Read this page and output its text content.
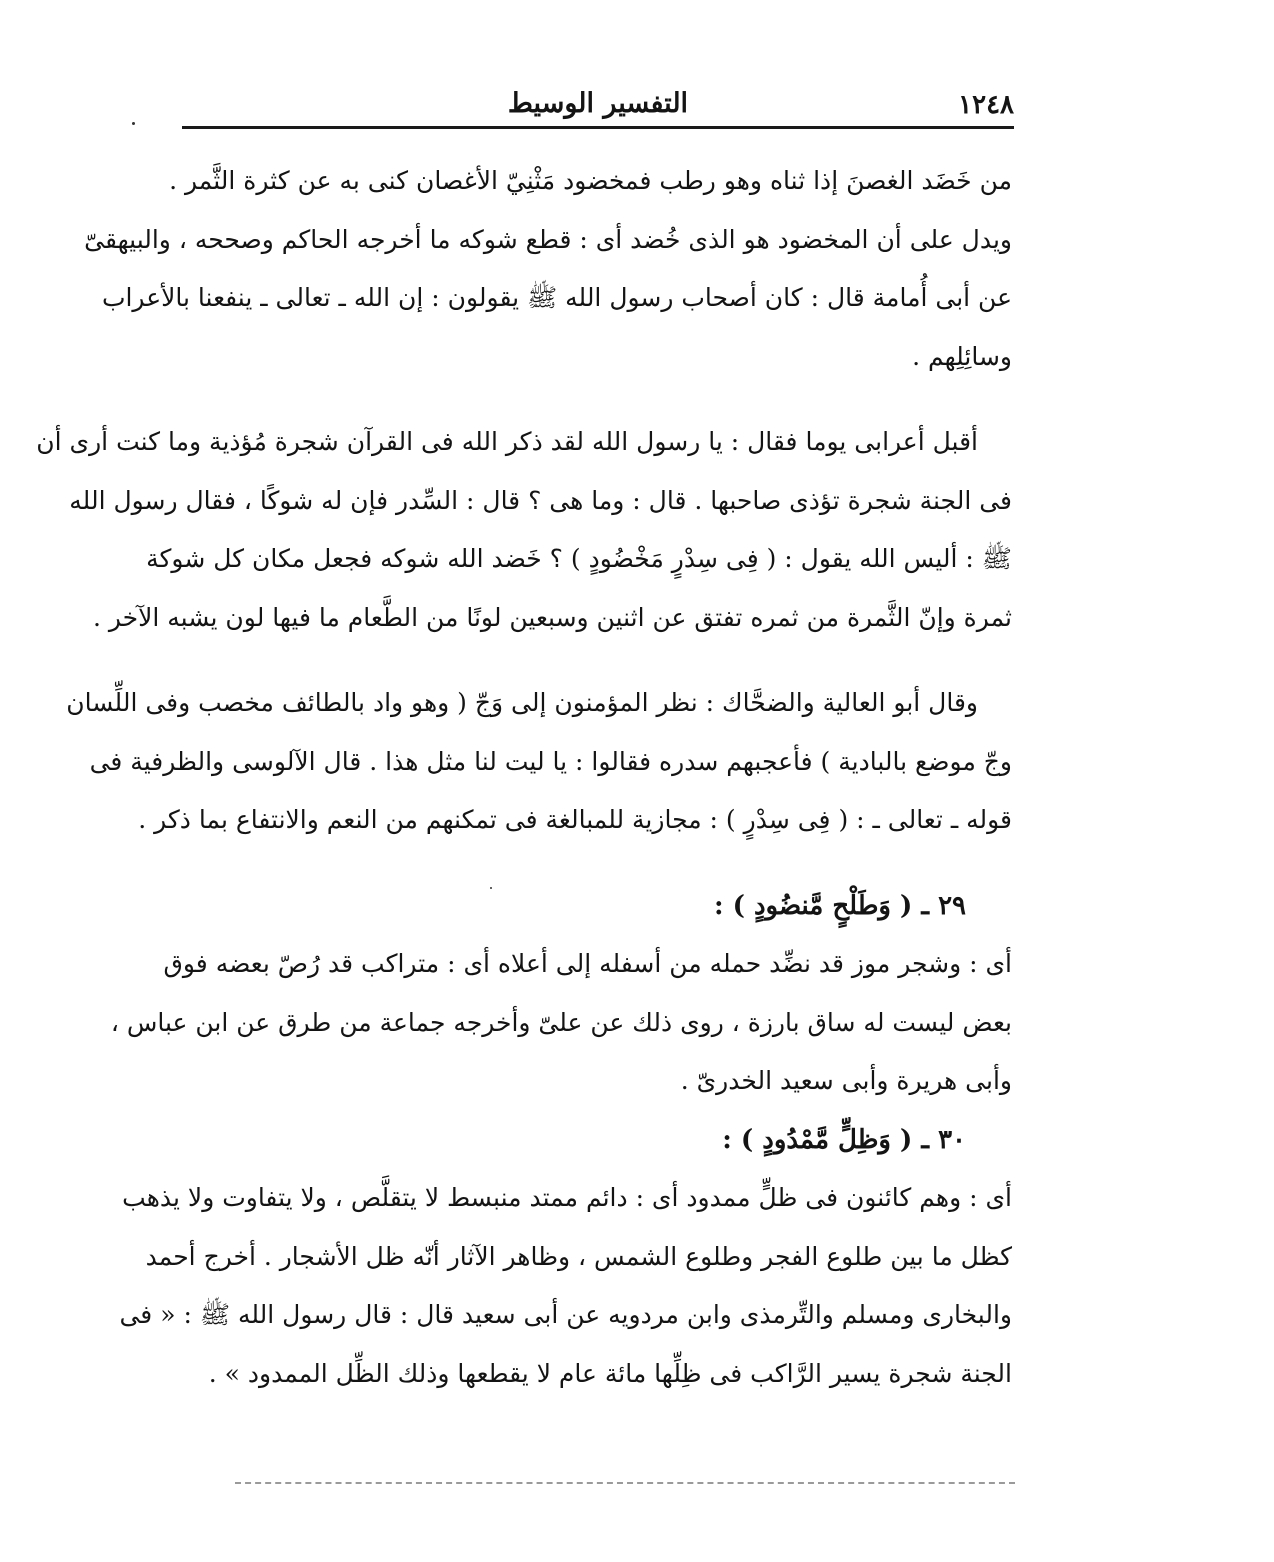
١٢٤٨
التفسير الوسيط
من خَضَد الغصنَ إذا ثناه وهو رطب فمخضود مَثْنِيّ الأغصان كنى به عن كثرة الثَّمر .
ويدل على أن المخضود هو الذى خُضد أى : قطع شوكه ما أخرجه الحاكم وصححه ، والبيهقىّ
عن أبى أُمامة قال : كان أصحاب رسول الله ﷺ يقولون : إن الله ـ تعالى ـ ينفعنا بالأعراب
وسائِلِهم .
أقبل أعرابى يوما فقال : يا رسول الله لقد ذكر الله فى القرآن شجرة مُؤذية وما كنت أرى أن
فى الجنة شجرة تؤذى صاحبها . قال : وما هى ؟ قال : السِّدر فإن له شوكًا ، فقال رسول الله
ﷺ : أليس الله يقول : ( فِى سِدْرٍ مَخْضُودٍ ) ؟ خَضد الله شوكه فجعل مكان كل شوكة
ثمرة وإنّ الثَّمرة من ثمره تفتق عن اثنين وسبعين لونًا من الطَّعام ما فيها لون يشبه الآخر .
وقال أبو العالية والضحَّاك : نظر المؤمنون إلى وَجّ ( وهو واد بالطائف مخصب وفى اللِّسان
وجّ موضع بالبادية ) فأعجبهم سدره فقالوا : يا ليت لنا مثل هذا . قال الآلوسى والظرفية فى
قوله ـ تعالى ـ : ( فِى سِدْرٍ ) : مجازية للمبالغة فى تمكنهم من النعم والانتفاع بما ذكر .
٢٩ ـ ( وَطَلْحٍ مَّنضُودٍ ) :
أى : وشجر موز قد نضِّد حمله من أسفله إلى أعلاه أى : متراكب قد رُصّ بعضه فوق
بعض ليست له ساق بارزة ، روى ذلك عن علىّ وأخرجه جماعة من طرق عن ابن عباس ،
وأبى هريرة وأبى سعيد الخدرىّ .
٣٠ ـ ( وَظِلٍّ مَّمْدُودٍ ) :
أى : وهم كائنون فى ظلٍّ ممدود أى : دائم ممتد منبسط لا يتقلَّص ، ولا يتفاوت ولا يذهب
كظل ما بين طلوع الفجر وطلوع الشمس ، وظاهر الآثار أنّه ظل الأشجار . أخرج أحمد
والبخارى ومسلم والتِّرمذى وابن مردويه عن أبى سعيد قال : قال رسول الله ﷺ : « فى
الجنة شجرة يسير الرَّاكب فى ظِلِّها مائة عام لا يقطعها وذلك الظِّل الممدود » .
